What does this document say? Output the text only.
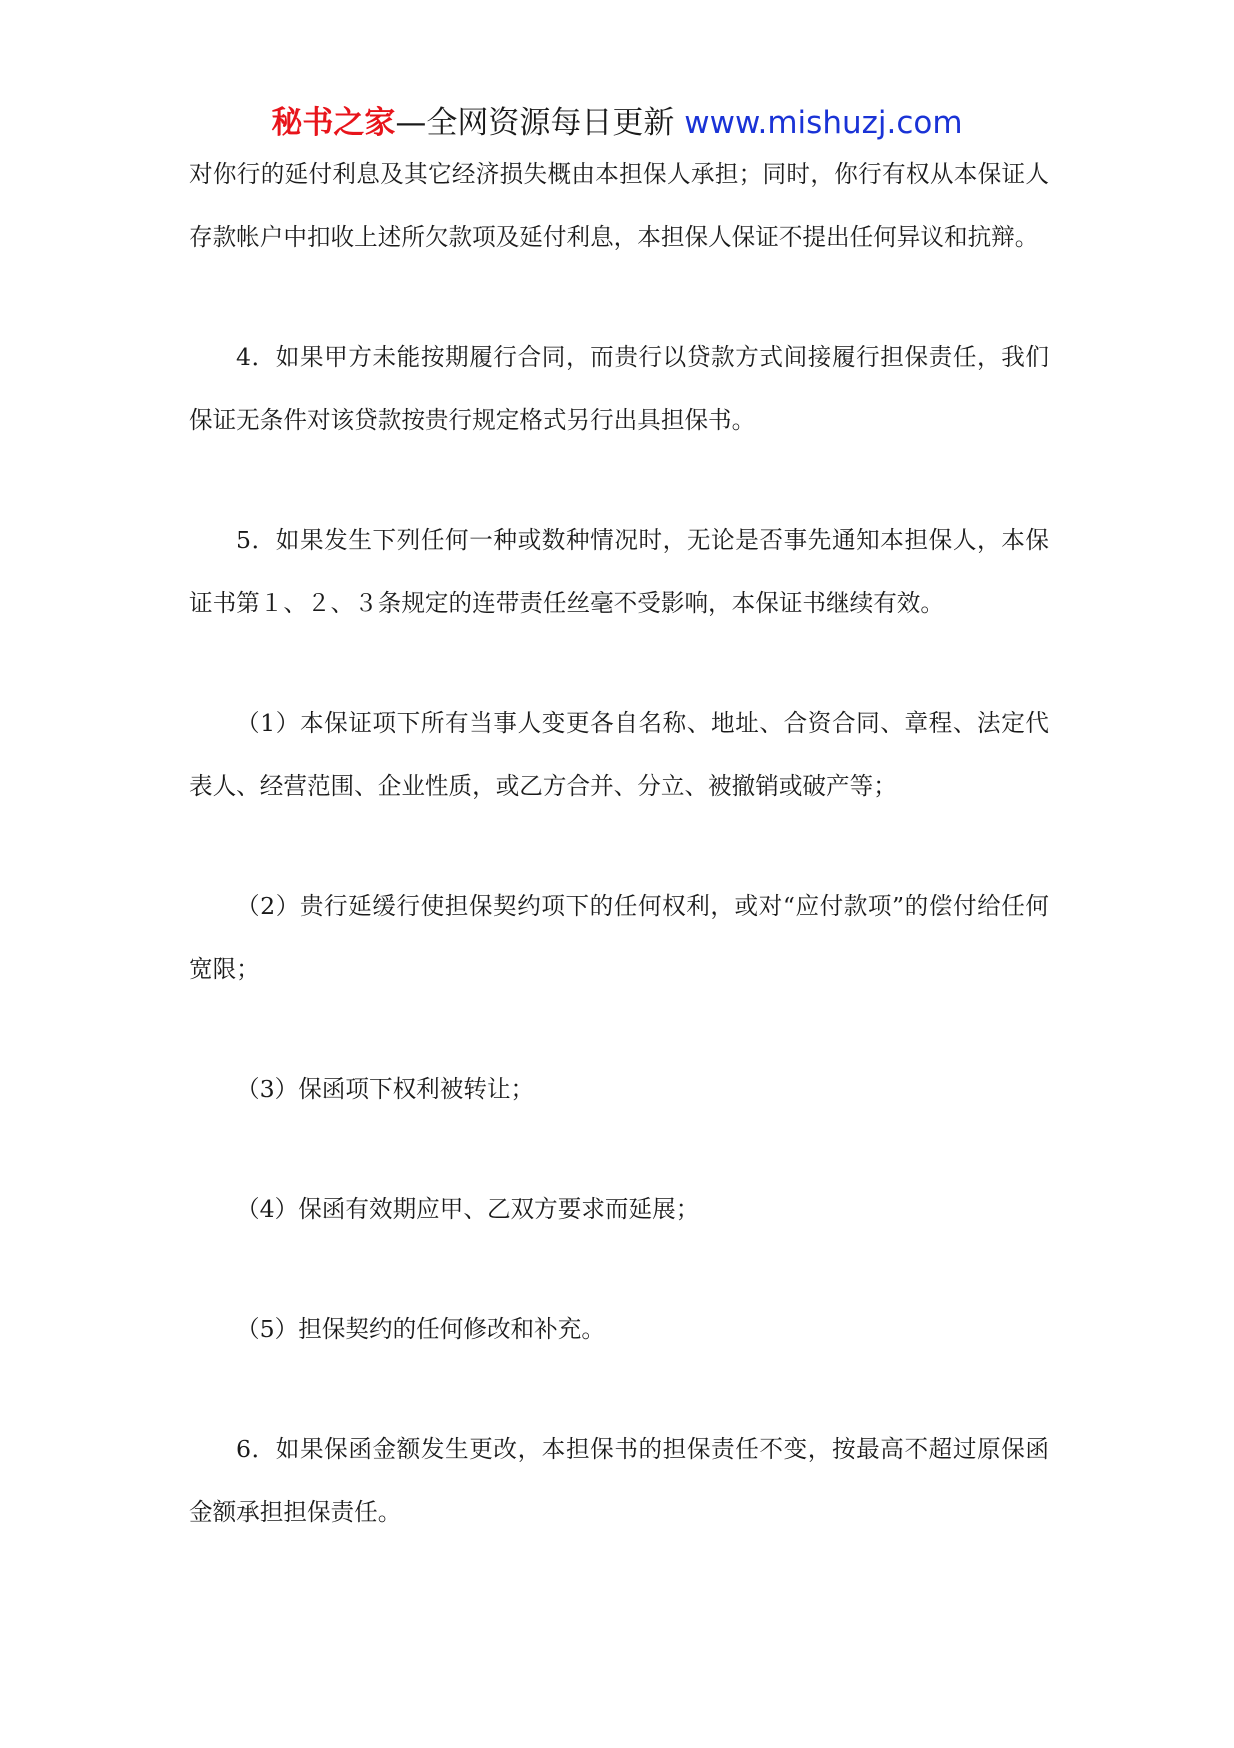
秘书之家—全网资源每日更新 www.mishuzj.com

对你行的延付利息及其它经济损失概由本担保人承担；同时，你行有权从本保证人存款帐户中扣收上述所欠款项及延付利息，本担保人保证不提出任何异议和抗辩。

4．如果甲方未能按期履行合同，而贵行以贷款方式间接履行担保责任，我们保证无条件对该贷款按贵行规定格式另行出具担保书。

5．如果发生下列任何一种或数种情况时，无论是否事先通知本担保人，本保证书第１、２、３条规定的连带责任丝毫不受影响，本保证书继续有效。

（1）本保证项下所有当事人变更各自名称、地址、合资合同、章程、法定代表人、经营范围、企业性质，或乙方合并、分立、被撤销或破产等；

（2）贵行延缓行使担保契约项下的任何权利，或对“应付款项”的偿付给任何宽限；

（3）保函项下权利被转让；

（4）保函有效期应甲、乙双方要求而延展；

（5）担保契约的任何修改和补充。

6．如果保函金额发生更改，本担保书的担保责任不变，按最高不超过原保函金额承担担保责任。
